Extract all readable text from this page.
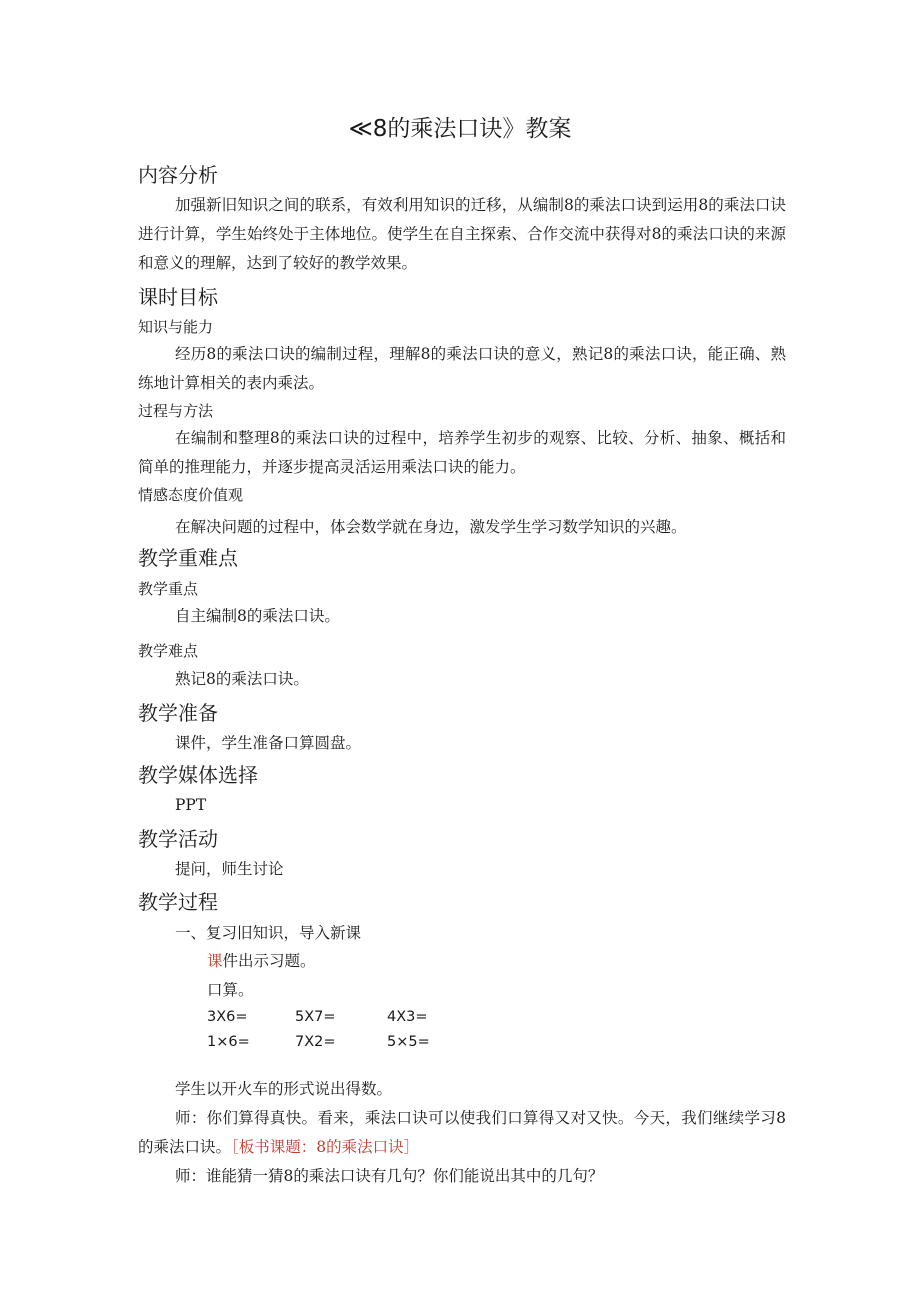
≪8的乘法口诀》教案
内容分析
加强新旧知识之间的联系，有效利用知识的迁移，从编制8的乘法口诀到运用8的乘法口诀进行计算，学生始终处于主体地位。使学生在自主探索、合作交流中获得对8的乘法口诀的来源和意义的理解，达到了较好的教学效果。
课时目标
知识与能力
经历8的乘法口诀的编制过程，理解8的乘法口诀的意义，熟记8的乘法口诀，能正确、熟练地计算相关的表内乘法。
过程与方法
在编制和整理8的乘法口诀的过程中，培养学生初步的观察、比较、分析、抽象、概括和简单的推理能力，并逐步提高灵活运用乘法口诀的能力。
情感态度价值观
在解决问题的过程中，体会数学就在身边，激发学生学习数学知识的兴趣。
教学重难点
教学重点
自主编制8的乘法口诀。
教学难点
熟记8的乘法口诀。
教学准备
课件，学生准备口算圆盘。
教学媒体选择
PPT
教学活动
提问，师生讨论
教学过程
一、复习旧知识，导入新课
课件出示习题。
口算。
3X6=	5X7=	4X3=
1×6=	7X2=	5×5=
学生以开火车的形式说出得数。
师：你们算得真快。看来，乘法口诀可以使我们口算得又对又快。今天，我们继续学习8的乘法口诀。［板书课题：8的乘法口诀］
师：谁能猜一猜8的乘法口诀有几句？你们能说出其中的几句？
